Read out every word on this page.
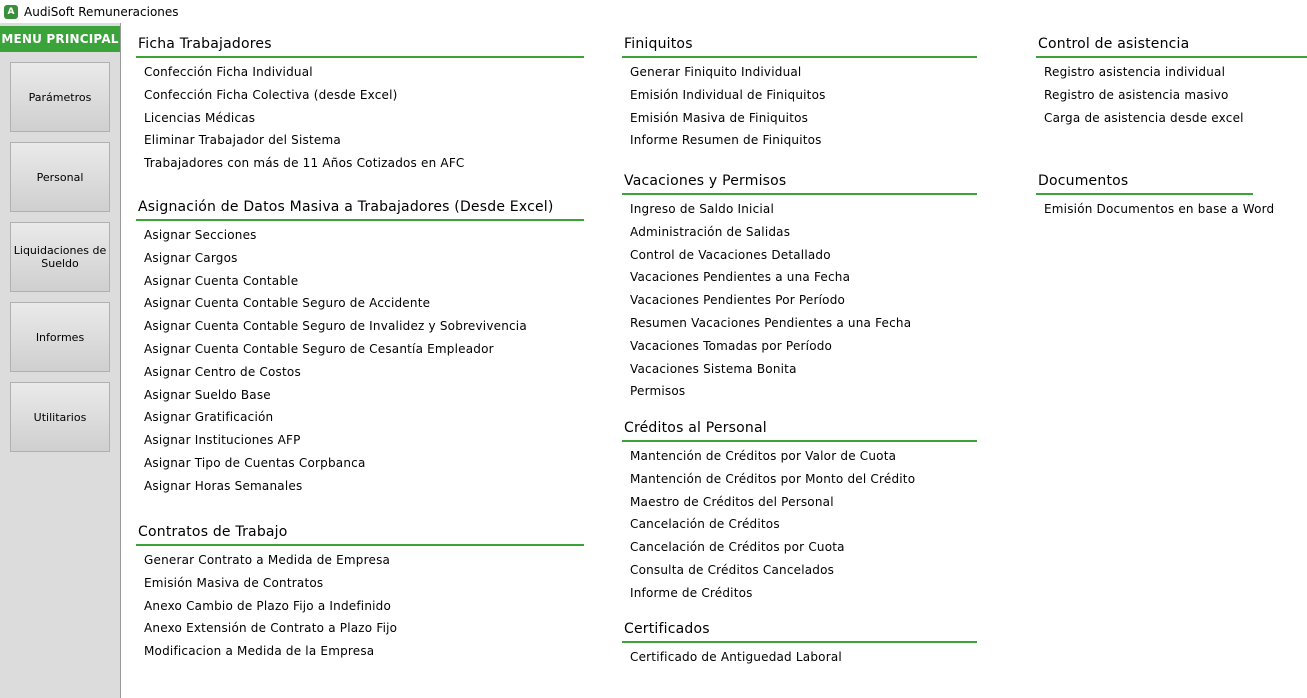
A AudiSoft Remuneraciones
MENU PRINCIPAL
Parámetros
Personal
Liquidaciones de Sueldo
Informes
Utilitarios
Ficha Trabajadores
Confección Ficha Individual
Confección Ficha Colectiva (desde Excel)
Licencias Médicas
Eliminar Trabajador del Sistema
Trabajadores con más de 11 Años Cotizados en AFC
Asignación de Datos Masiva a Trabajadores (Desde Excel)
Asignar Secciones
Asignar Cargos
Asignar Cuenta Contable
Asignar Cuenta Contable Seguro de Accidente
Asignar Cuenta Contable Seguro de Invalidez y Sobrevivencia
Asignar Cuenta Contable Seguro de Cesantía Empleador
Asignar Centro de Costos
Asignar Sueldo Base
Asignar Gratificación
Asignar Instituciones AFP
Asignar Tipo de Cuentas Corpbanca
Asignar Horas Semanales
Contratos de Trabajo
Generar Contrato a Medida de Empresa
Emisión Masiva de Contratos
Anexo Cambio de Plazo Fijo a Indefinido
Anexo Extensión de Contrato a Plazo Fijo
Modificacion a Medida de la Empresa
Finiquitos
Generar Finiquito Individual
Emisión Individual de Finiquitos
Emisión Masiva de Finiquitos
Informe Resumen de Finiquitos
Vacaciones y Permisos
Ingreso de Saldo Inicial
Administración de Salidas
Control de Vacaciones Detallado
Vacaciones Pendientes a una Fecha
Vacaciones Pendientes Por Período
Resumen Vacaciones Pendientes a una Fecha
Vacaciones Tomadas por Período
Vacaciones Sistema Bonita
Permisos
Créditos al Personal
Mantención de Créditos por Valor de Cuota
Mantención de Créditos por Monto del Crédito
Maestro de Créditos del Personal
Cancelación de Créditos
Cancelación de Créditos por Cuota
Consulta de Créditos Cancelados
Informe de Créditos
Certificados
Certificado de Antiguedad Laboral
Control de asistencia
Registro asistencia individual
Registro de asistencia masivo
Carga de asistencia desde excel
Documentos
Emisión Documentos en base a Word
